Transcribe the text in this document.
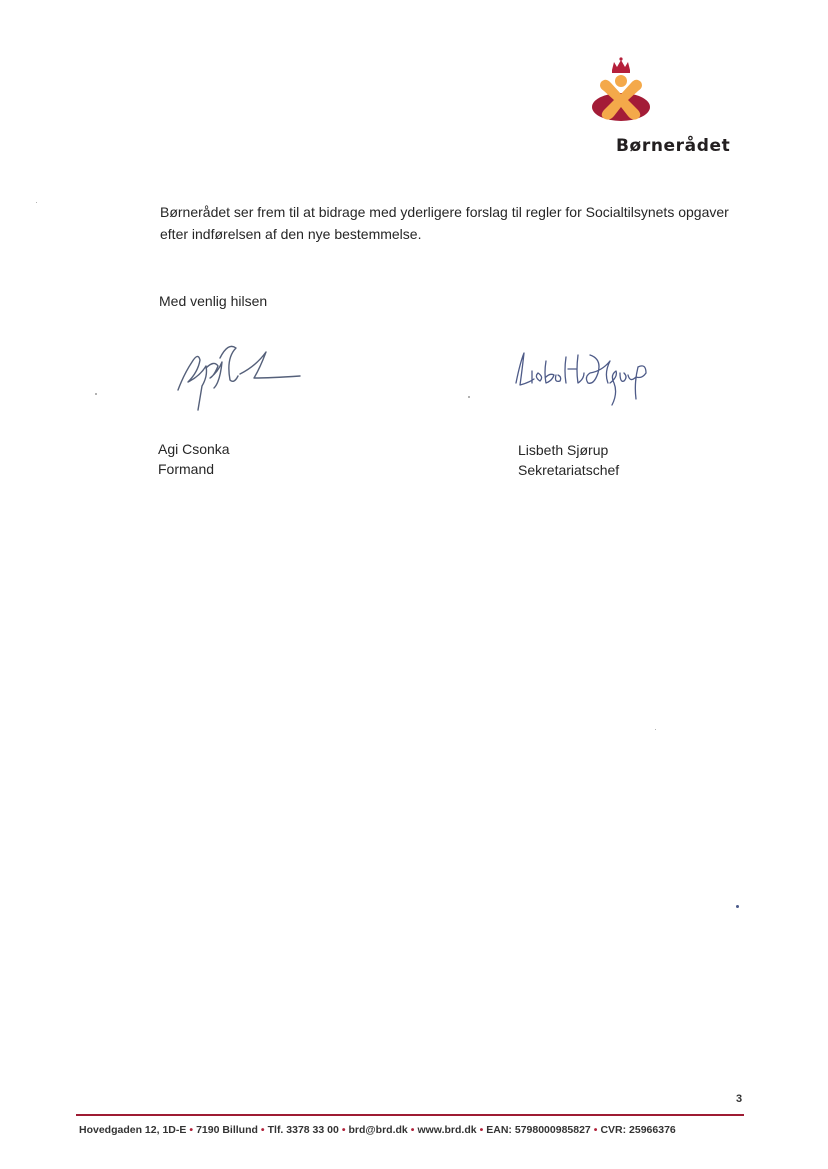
Børnerådet
Børnerådet ser frem til at bidrage med yderligere forslag til regler for Socialtilsynets opgaver efter indførelsen af den nye bestemmelse.
Med venlig hilsen
Agi Csonka
Formand
Lisbeth Sjørup
Sekretariatschef
3
Hovedgaden 12, 1D-E • 7190 Billund • Tlf. 3378 33 00 • brd@brd.dk • www.brd.dk • EAN: 5798000985827 • CVR: 25966376
